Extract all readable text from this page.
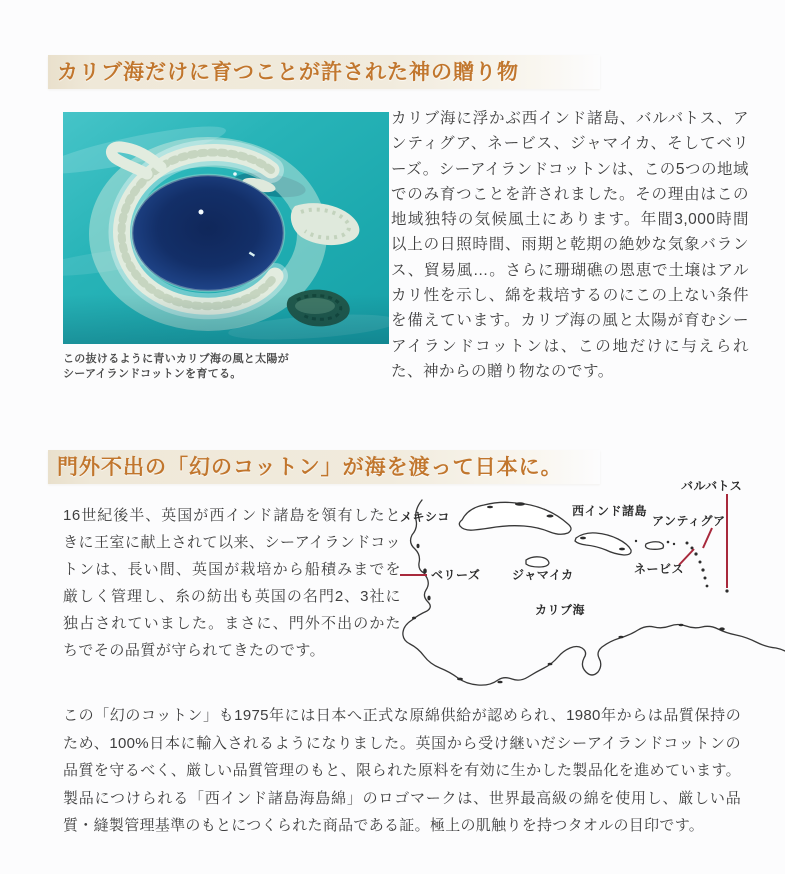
カリブ海だけに育つことが許された神の贈り物
この抜けるように青いカリブ海の風と太陽が
シーアイランドコットンを育てる。
カリブ海に浮かぶ西インド諸島、バルバトス、アンティグア、ネービス、ジャマイカ、そしてベリーズ。シーアイランドコットンは、この5つの地域でのみ育つことを許されました。その理由はこの地域独特の気候風土にあります。年間3,000時間以上の日照時間、雨期と乾期の絶妙な気象バランス、貿易風…。さらに珊瑚礁の恩恵で土壌はアルカリ性を示し、綿を栽培するのにこの上ない条件を備えています。カリブ海の風と太陽が育むシーアイランドコットンは、この地だけに与えられた、神からの贈り物なのです。
門外不出の「幻のコットン」が海を渡って日本に。
16世紀後半、英国が西インド諸島を領有したときに王室に献上されて以来、シーアイランドコットンは、長い間、英国が栽培から船積みまでを厳しく管理し、糸の紡出も英国の名門2、3社に独占されていました。まさに、門外不出のかたちでその品質が守られてきたのです。
メキシコ	西インド諸島
バルバトス
アンティグア
ネービス
ジャマイカ
ベリーズ
カリブ海
この「幻のコットン」も1975年には日本へ正式な原綿供給が認められ、1980年からは品質保持のため、100%日本に輸入されるようになりました。英国から受け継いだシーアイランドコットンの品質を守るべく、厳しい品質管理のもと、限られた原料を有効に生かした製品化を進めています。製品につけられる「西インド諸島海島綿」のロゴマークは、世界最高級の綿を使用し、厳しい品質・縫製管理基準のもとにつくられた商品である証。極上の肌触りを持つタオルの目印です。
